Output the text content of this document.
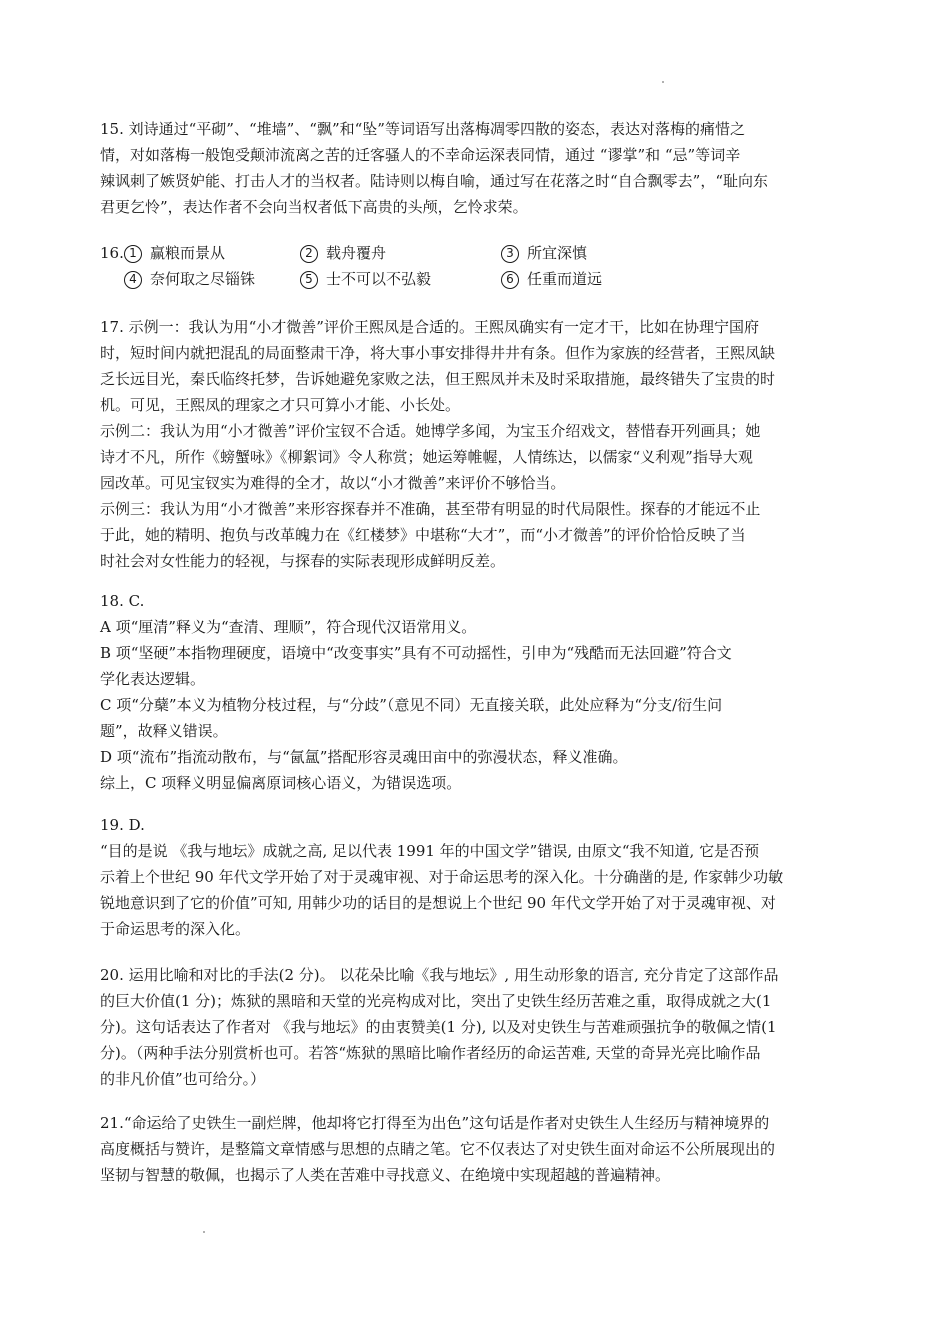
15. 刘诗通过“平砌”、“堆墙”、“飘”和“坠”等词语写出落梅凋零四散的姿态，表达对落梅的痛惜之
情，对如落梅一般饱受颠沛流离之苦的迁客骚人的不幸命运深表同情，通过 “谬掌”和 “忌”等词辛
辣讽刺了嫉贤妒能、打击人才的当权者。陆诗则以梅自喻，通过写在花落之时“自合飘零去”，“耻向东
君更乞怜”，表达作者不会向当权者低下高贵的头颅，乞怜求荣。
16. 1 赢粮而景从	2 载舟覆舟	3 所宜深慎
4 奈何取之尽锱铢	5 士不可以不弘毅	6 任重而道远
17. 示例一：我认为用“小才微善”评价王熙凤是合适的。王熙凤确实有一定才干，比如在协理宁国府
时，短时间内就把混乱的局面整肃干净，将大事小事安排得井井有条。但作为家族的经营者，王熙凤缺
乏长远目光，秦氏临终托梦，告诉她避免家败之法，但王熙凤并未及时采取措施，最终错失了宝贵的时
机。可见，王熙凤的理家之才只可算小才能、小长处。
示例二：我认为用“小才微善”评价宝钗不合适。她博学多闻，为宝玉介绍戏文，替惜春开列画具；她
诗才不凡，所作《螃蟹咏》《柳絮词》令人称赏；她运筹帷幄，人情练达，以儒家“义利观”指导大观
园改革。可见宝钗实为难得的全才，故以“小才微善”来评价不够恰当。
示例三：我认为用“小才微善”来形容探春并不准确，甚至带有明显的时代局限性。探春的才能远不止
于此，她的精明、抱负与改革魄力在《红楼梦》中堪称“大才”，而“小才微善”的评价恰恰反映了当
时社会对女性能力的轻视，与探春的实际表现形成鲜明反差。
18. C.
A 项“厘清”释义为“查清、理顺”，符合现代汉语常用义。
B 项“坚硬”本指物理硬度，语境中“改变事实”具有不可动摇性，引申为“残酷而无法回避”符合文
学化表达逻辑。
C 项“分蘖”本义为植物分枝过程，与“分歧”（意见不同）无直接关联，此处应释为“分支/衍生问
题”，故释义错误。
D 项“流布”指流动散布，与“氤氲”搭配形容灵魂田亩中的弥漫状态，释义准确。
综上，C 项释义明显偏离原词核心语义，为错误选项。
19. D.
“目的是说 《我与地坛》成就之高, 足以代表 1991 年的中国文学”错误, 由原文“我不知道, 它是否预
示着上个世纪 90 年代文学开始了对于灵魂审视、对于命运思考的深入化。十分确凿的是, 作家韩少功敏
锐地意识到了它的价值”可知, 用韩少功的话目的是想说上个世纪 90 年代文学开始了对于灵魂审视、对
于命运思考的深入化。
20. 运用比喻和对比的手法(2 分)。 以花朵比喻《我与地坛》, 用生动形象的语言, 充分肯定了这部作品
的巨大价值(1 分)；炼狱的黑暗和天堂的光亮构成对比，突出了史铁生经历苦难之重，取得成就之大(1
分)。这句话表达了作者对 《我与地坛》的由衷赞美(1 分), 以及对史铁生与苦难顽强抗争的敬佩之情(1
分)。（两种手法分别赏析也可。若答“炼狱的黑暗比喻作者经历的命运苦难, 天堂的奇异光亮比喻作品
的非凡价值”也可给分。）
21.“命运给了史铁生一副烂牌，他却将它打得至为出色”这句话是作者对史铁生人生经历与精神境界的
高度概括与赞许，是整篇文章情感与思想的点睛之笔。它不仅表达了对史铁生面对命运不公所展现出的
坚韧与智慧的敬佩，也揭示了人类在苦难中寻找意义、在绝境中实现超越的普遍精神。
